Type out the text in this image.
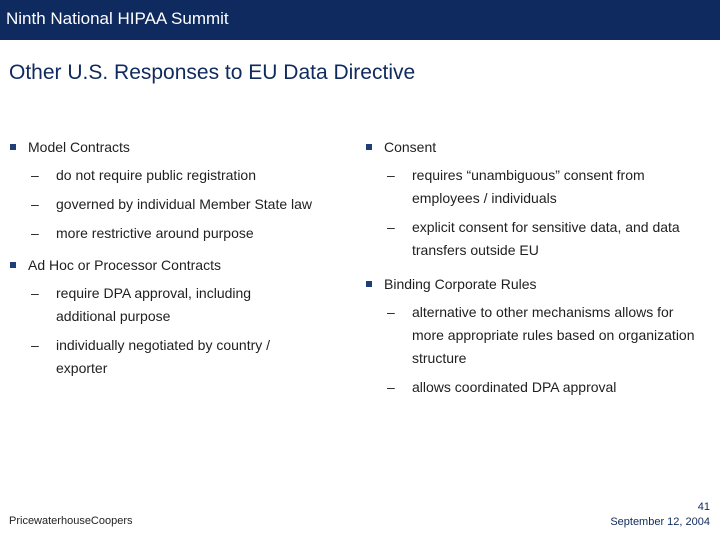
Ninth National HIPAA Summit
Other U.S. Responses to EU Data Directive
Model Contracts
– do not require public registration
– governed by individual Member State law
– more restrictive around purpose
Ad Hoc or Processor Contracts
– require DPA approval, including additional purpose
– individually negotiated by country / exporter
Consent
– requires “unambiguous” consent from employees / individuals
– explicit consent for sensitive data, and data transfers outside EU
Binding Corporate Rules
– alternative to other mechanisms allows for more appropriate rules based on organization structure
– allows coordinated DPA approval
PricewaterhouseCoopers
41
September 12, 2004
